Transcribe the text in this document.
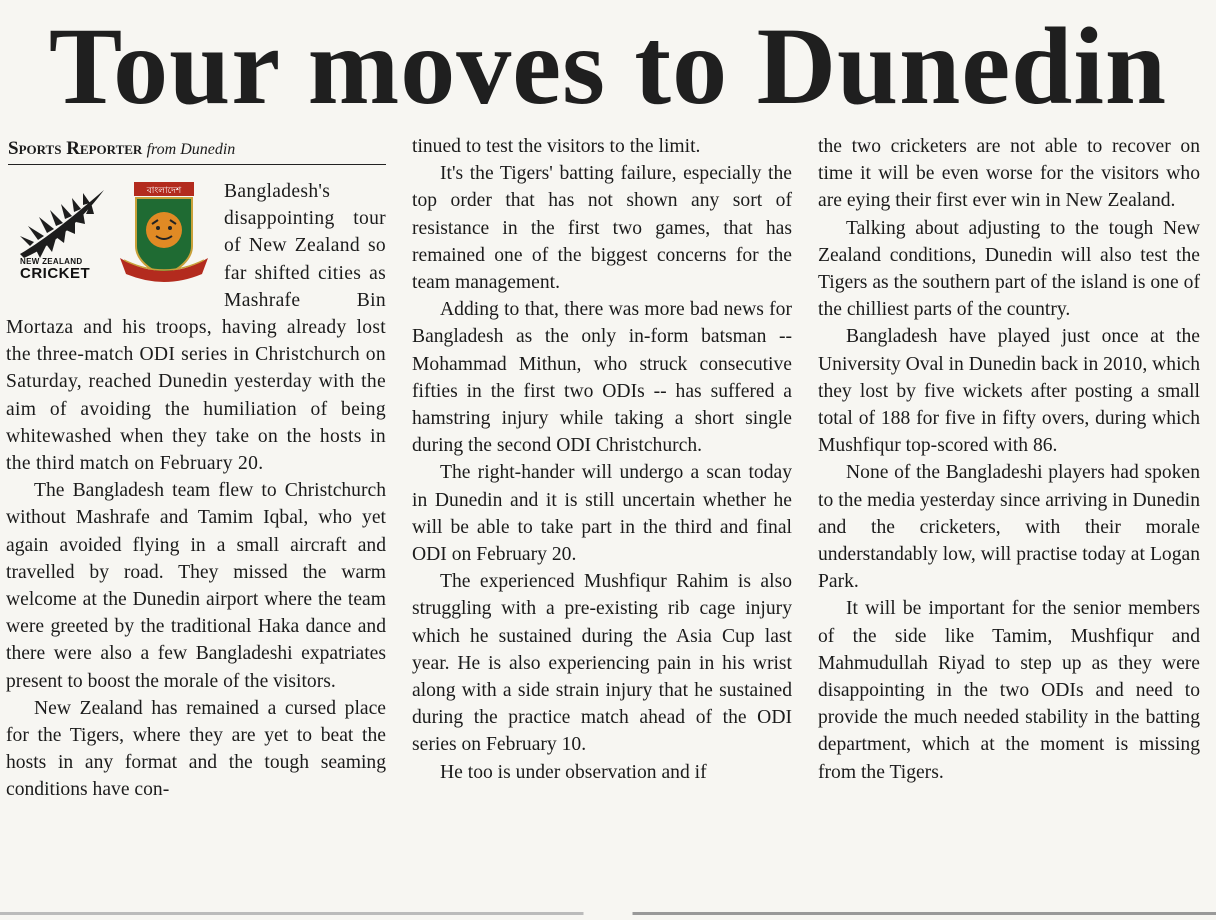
Tour moves to Dunedin
Sports Reporter from Dunedin
NEW ZEALAND
CRICKET
বাংলাদেশ	Bangladesh's disappointing tour of New Zealand so far shifted cities as Mashrafe Bin Mortaza and his troops, having already lost the three-match ODI series in Christchurch on Saturday, reached Dunedin yesterday with the aim of avoiding the humiliation of being whitewashed when they take on the hosts in the third match on February 20.

The Bangladesh team flew to Christchurch without Mashrafe and Tamim Iqbal, who yet again avoided flying in a small aircraft and travelled by road. They missed the warm welcome at the Dunedin airport where the team were greeted by the traditional Haka dance and there were also a few Bangladeshi expatriates present to boost the morale of the visitors.

New Zealand has remained a cursed place for the Tigers, where they are yet to beat the hosts in any format and the tough seaming conditions have con-

tinued to test the visitors to the limit.

It's the Tigers' batting failure, especially the top order that has not shown any sort of resistance in the first two games, that has remained one of the biggest concerns for the team management.

Adding to that, there was more bad news for Bangladesh as the only in-form batsman -- Mohammad Mithun, who struck consecutive fifties in the first two ODIs -- has suffered a hamstring injury while taking a short single during the second ODI Christchurch.

The right-hander will undergo a scan today in Dunedin and it is still uncertain whether he will be able to take part in the third and final ODI on February 20.

The experienced Mushfiqur Rahim is also struggling with a pre-existing rib cage injury which he sustained during the Asia Cup last year. He is also experiencing pain in his wrist along with a side strain injury that he sustained during the practice match ahead of the ODI series on February 10.

He too is under observation and if

the two cricketers are not able to recover on time it will be even worse for the visitors who are eying their first ever win in New Zealand.

Talking about adjusting to the tough New Zealand conditions, Dunedin will also test the Tigers as the southern part of the island is one of the chilliest parts of the country.

Bangladesh have played just once at the University Oval in Dunedin back in 2010, which they lost by five wickets after posting a small total of 188 for five in fifty overs, during which Mushfiqur top-scored with 86.

None of the Bangladeshi players had spoken to the media yesterday since arriving in Dunedin and the cricketers, with their morale understandably low, will practise today at Logan Park.

It will be important for the senior members of the side like Tamim, Mushfiqur and Mahmudullah Riyad to step up as they were disappointing in the two ODIs and need to provide the much needed stability in the batting department, which at the moment is missing from the Tigers.
